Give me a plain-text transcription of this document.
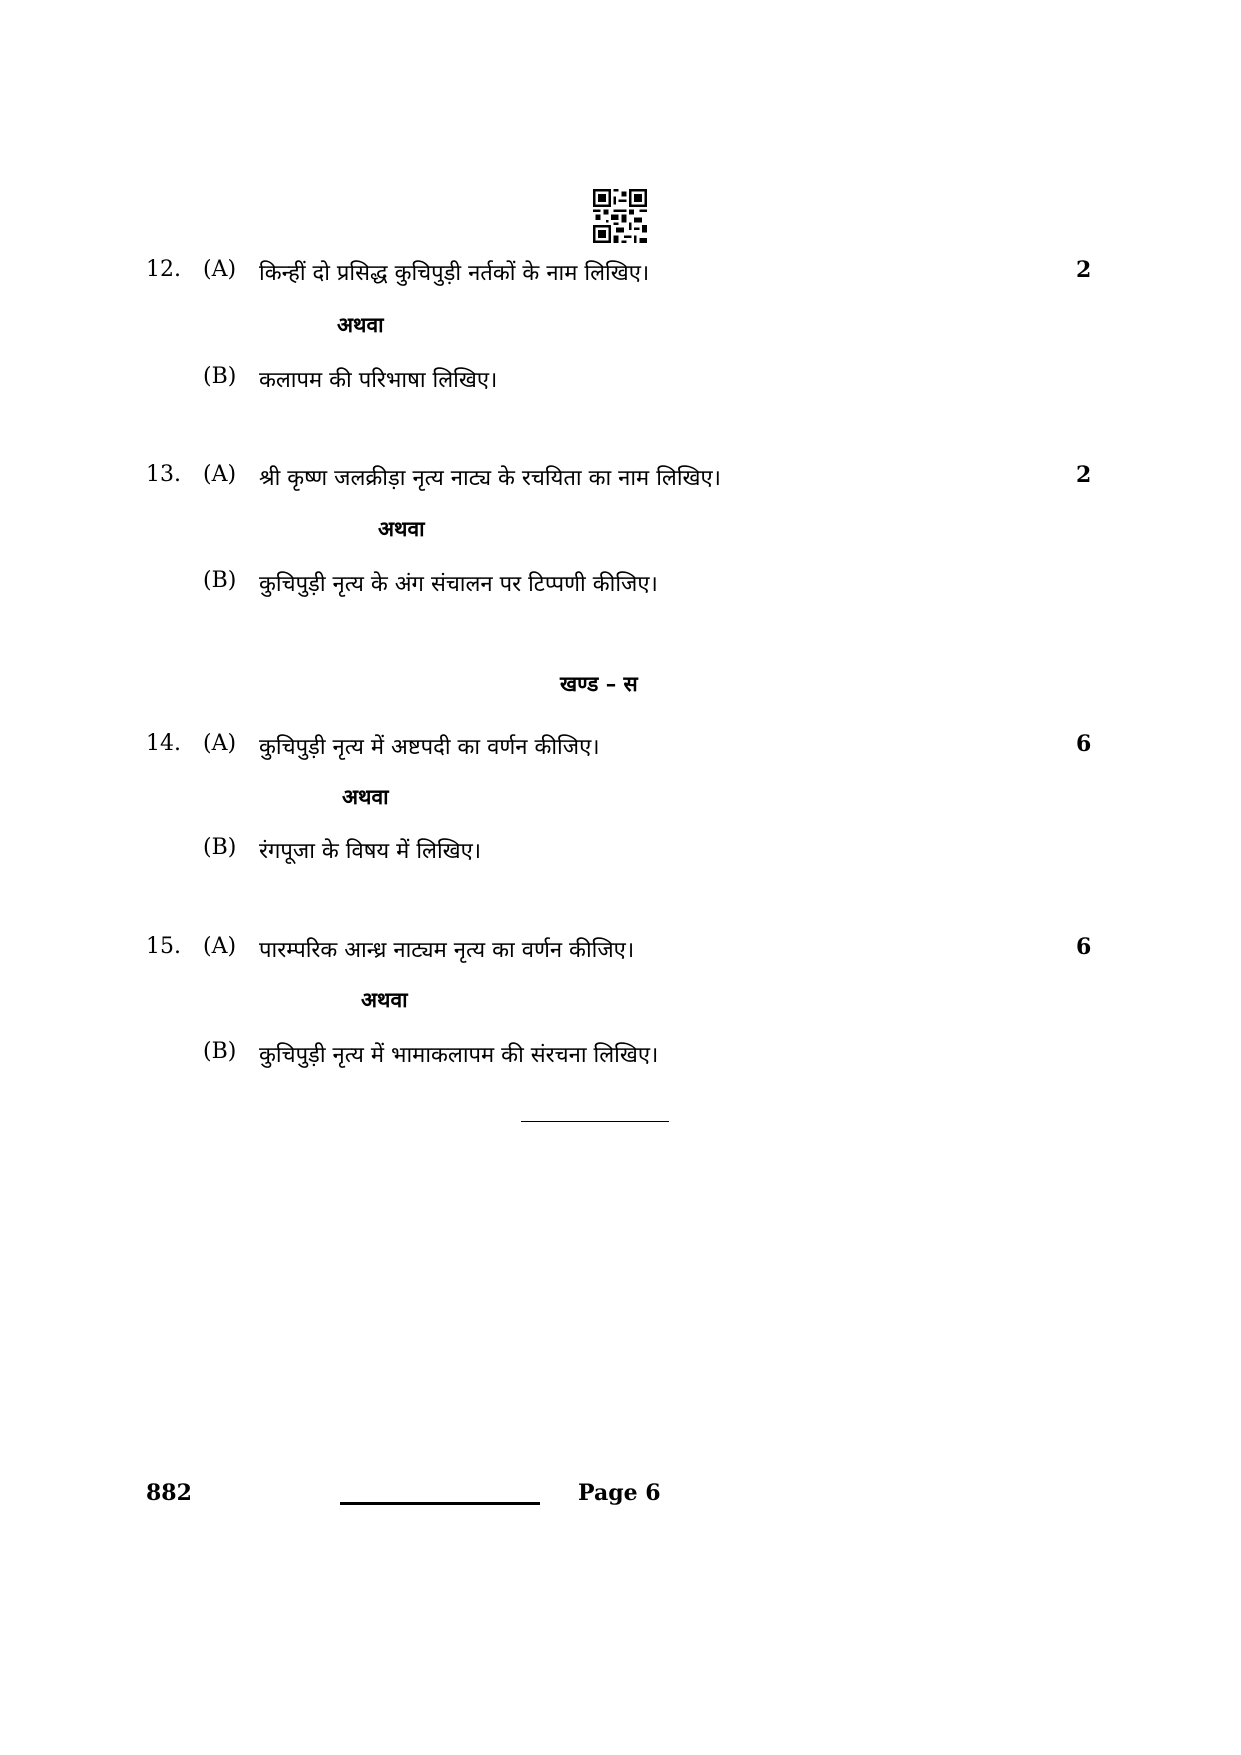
12. (A) किन्हीं दो प्रसिद्ध कुचिपुड़ी नर्तकों के नाम लिखिए।	2
अथवा
(B) कलापम की परिभाषा लिखिए।
13. (A) श्री कृष्ण जलक्रीड़ा नृत्य नाट्य के रचयिता का नाम लिखिए।	2
अथवा
(B) कुचिपुड़ी नृत्य के अंग संचालन पर टिप्पणी कीजिए।
खण्ड – स
14. (A) कुचिपुड़ी नृत्य में अष्टपदी का वर्णन कीजिए।	6
अथवा
(B) रंगपूजा के विषय में लिखिए।
15. (A) पारम्परिक आन्ध्र नाट्यम नृत्य का वर्णन कीजिए।	6
अथवा
(B) कुचिपुड़ी नृत्य में भामाकलापम की संरचना लिखिए।
882	Page 6
